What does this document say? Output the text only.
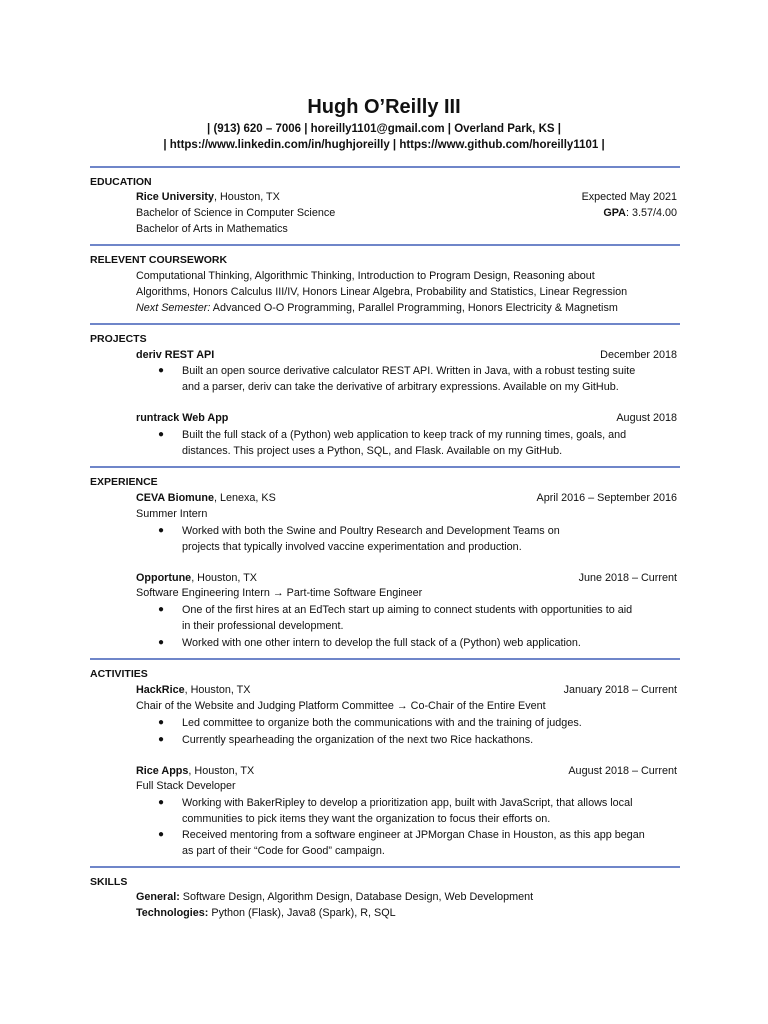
Hugh O’Reilly III
| (913) 620 – 7006 | horeilly1101@gmail.com | Overland Park, KS |
| https://www.linkedin.com/in/hughjoreilly | https://www.github.com/horeilly1101 |
EDUCATION
Rice University, Houston, TX	Expected May 2021
Bachelor of Science in Computer Science	GPA: 3.57/4.00
Bachelor of Arts in Mathematics
RELEVENT COURSEWORK
Computational Thinking, Algorithmic Thinking, Introduction to Program Design, Reasoning about
Algorithms, Honors Calculus III/IV, Honors Linear Algebra, Probability and Statistics, Linear Regression
Next Semester: Advanced O-O Programming, Parallel Programming, Honors Electricity & Magnetism
PROJECTS
deriv REST API	December 2018
● Built an open source derivative calculator REST API. Written in Java, with a robust testing suite
and a parser, deriv can take the derivative of arbitrary expressions. Available on my GitHub.
runtrack Web App	August 2018
● Built the full stack of a (Python) web application to keep track of my running times, goals, and
distances. This project uses a Python, SQL, and Flask. Available on my GitHub.
EXPERIENCE
CEVA Biomune, Lenexa, KS	April 2016 – September 2016
Summer Intern
● Worked with both the Swine and Poultry Research and Development Teams on
projects that typically involved vaccine experimentation and production.
Opportune, Houston, TX	June 2018 – Current
Software Engineering Intern → Part-time Software Engineer
● One of the first hires at an EdTech start up aiming to connect students with opportunities to aid
in their professional development.
● Worked with one other intern to develop the full stack of a (Python) web application.
ACTIVITIES
HackRice, Houston, TX	January 2018 – Current
Chair of the Website and Judging Platform Committee → Co-Chair of the Entire Event
● Led committee to organize both the communications with and the training of judges.
● Currently spearheading the organization of the next two Rice hackathons.
Rice Apps, Houston, TX	August 2018 – Current
Full Stack Developer
● Working with BakerRipley to develop a prioritization app, built with JavaScript, that allows local
communities to pick items they want the organization to focus their efforts on.
● Received mentoring from a software engineer at JPMorgan Chase in Houston, as this app began
as part of their “Code for Good” campaign.
SKILLS
General: Software Design, Algorithm Design, Database Design, Web Development
Technologies: Python (Flask), Java8 (Spark), R, SQL
